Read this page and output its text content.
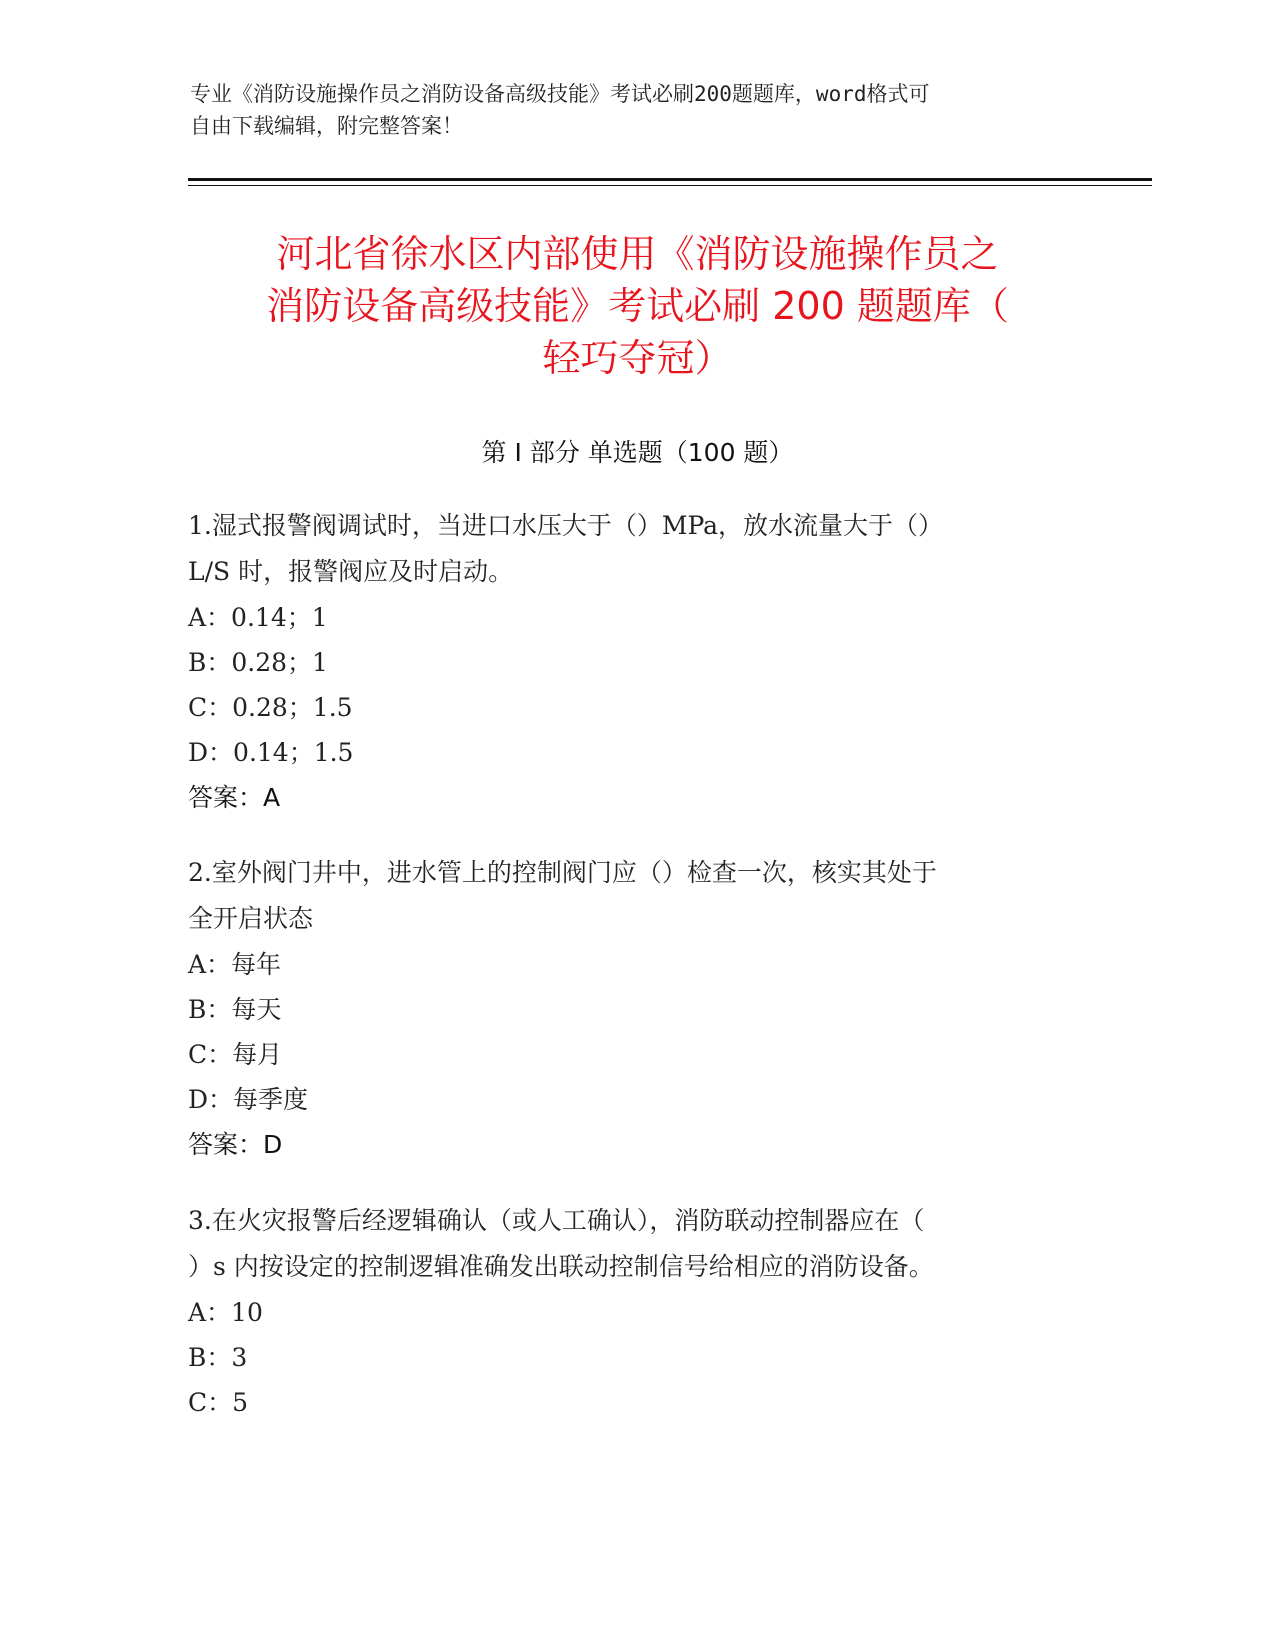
专业《消防设施操作员之消防设备高级技能》考试必刷200题题库，word格式可
自由下载编辑，附完整答案！
河北省徐水区内部使用《消防设施操作员之
消防设备高级技能》考试必刷 200 题题库（
轻巧夺冠）
第 I 部分 单选题（100 题）
1.湿式报警阀调试时，当进口水压大于（）MPa，放水流量大于（）
L/S 时，报警阀应及时启动。
A：0.14；1
B：0.28；1
C：0.28；1.5
D：0.14；1.5
答案：A
2.室外阀门井中，进水管上的控制阀门应（）检查一次，核实其处于
全开启状态
A：每年
B：每天
C：每月
D：每季度
答案：D
3.在火灾报警后经逻辑确认（或人工确认），消防联动控制器应在（
）s 内按设定的控制逻辑准确发出联动控制信号给相应的消防设备。
A：10
B：3
C：5
